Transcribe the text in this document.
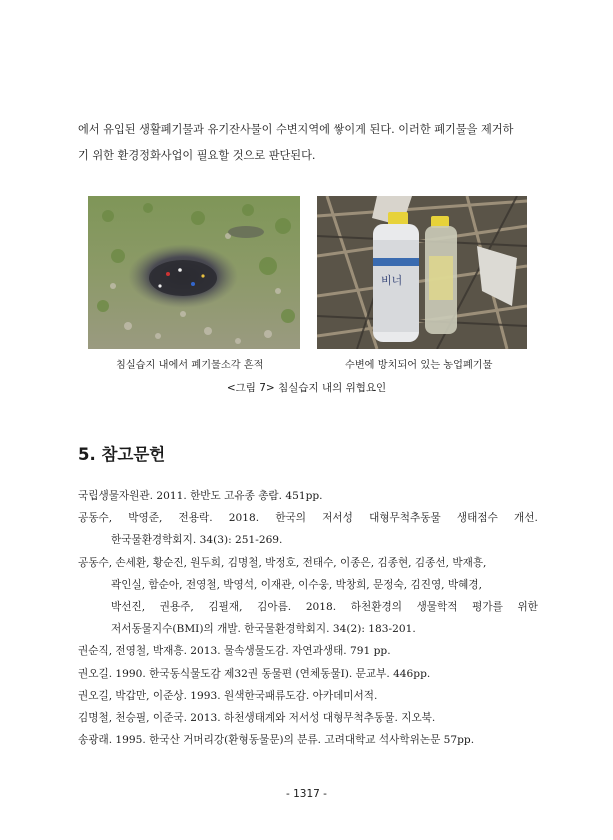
에서 유입된 생활폐기물과 유기잔사물이 수변지역에 쌓이게 된다. 이러한 폐기물을 제거하

기 위한 환경정화사업이 필요할 것으로 판단된다.

비너
침실습지 내에서 폐기물소각 흔적	수변에 방치되어 있는 농업폐기물
<그림 7> 침실습지 내의 위협요인
5. 참고문헌
국립생물자원관. 2011. 한반도 고유종 총람. 451pp.
공동수, 박영준, 전용락. 2018. 한국의 저서성 대형무척추동물 생태점수 개선.
한국물환경학회지. 34(3): 251-269.
공동수, 손세환, 황순진, 원두희, 김명철, 박정호, 전태수, 이종은, 김종현, 김종선, 박재흥,
곽인실, 함순아, 전영철, 박영석, 이재관, 이수웅, 박창희, 문정숙, 김진영, 박혜경,
박선진, 권용주, 김필재, 김아름. 2018. 하천환경의 생물학적 평가를 위한
저서동물지수(BMI)의 개발. 한국물환경학회지. 34(2): 183-201.
권순직, 전영철, 박재흥. 2013. 물속생물도감. 자연과생태. 791 pp.
권오길. 1990. 한국동식물도감 제32권 동물편 (연체동물Ⅰ). 문교부. 446pp.
권오길, 박갑만, 이준상. 1993. 원색한국패류도감. 아카데미서적.
김명철, 천승필, 이준국. 2013. 하천생태계와 저서성 대형무척추동물. 지오북.
송광래. 1995. 한국산 거머리강(환형동물문)의 분류. 고려대학교 석사학위논문 57pp.
- 1317 -
